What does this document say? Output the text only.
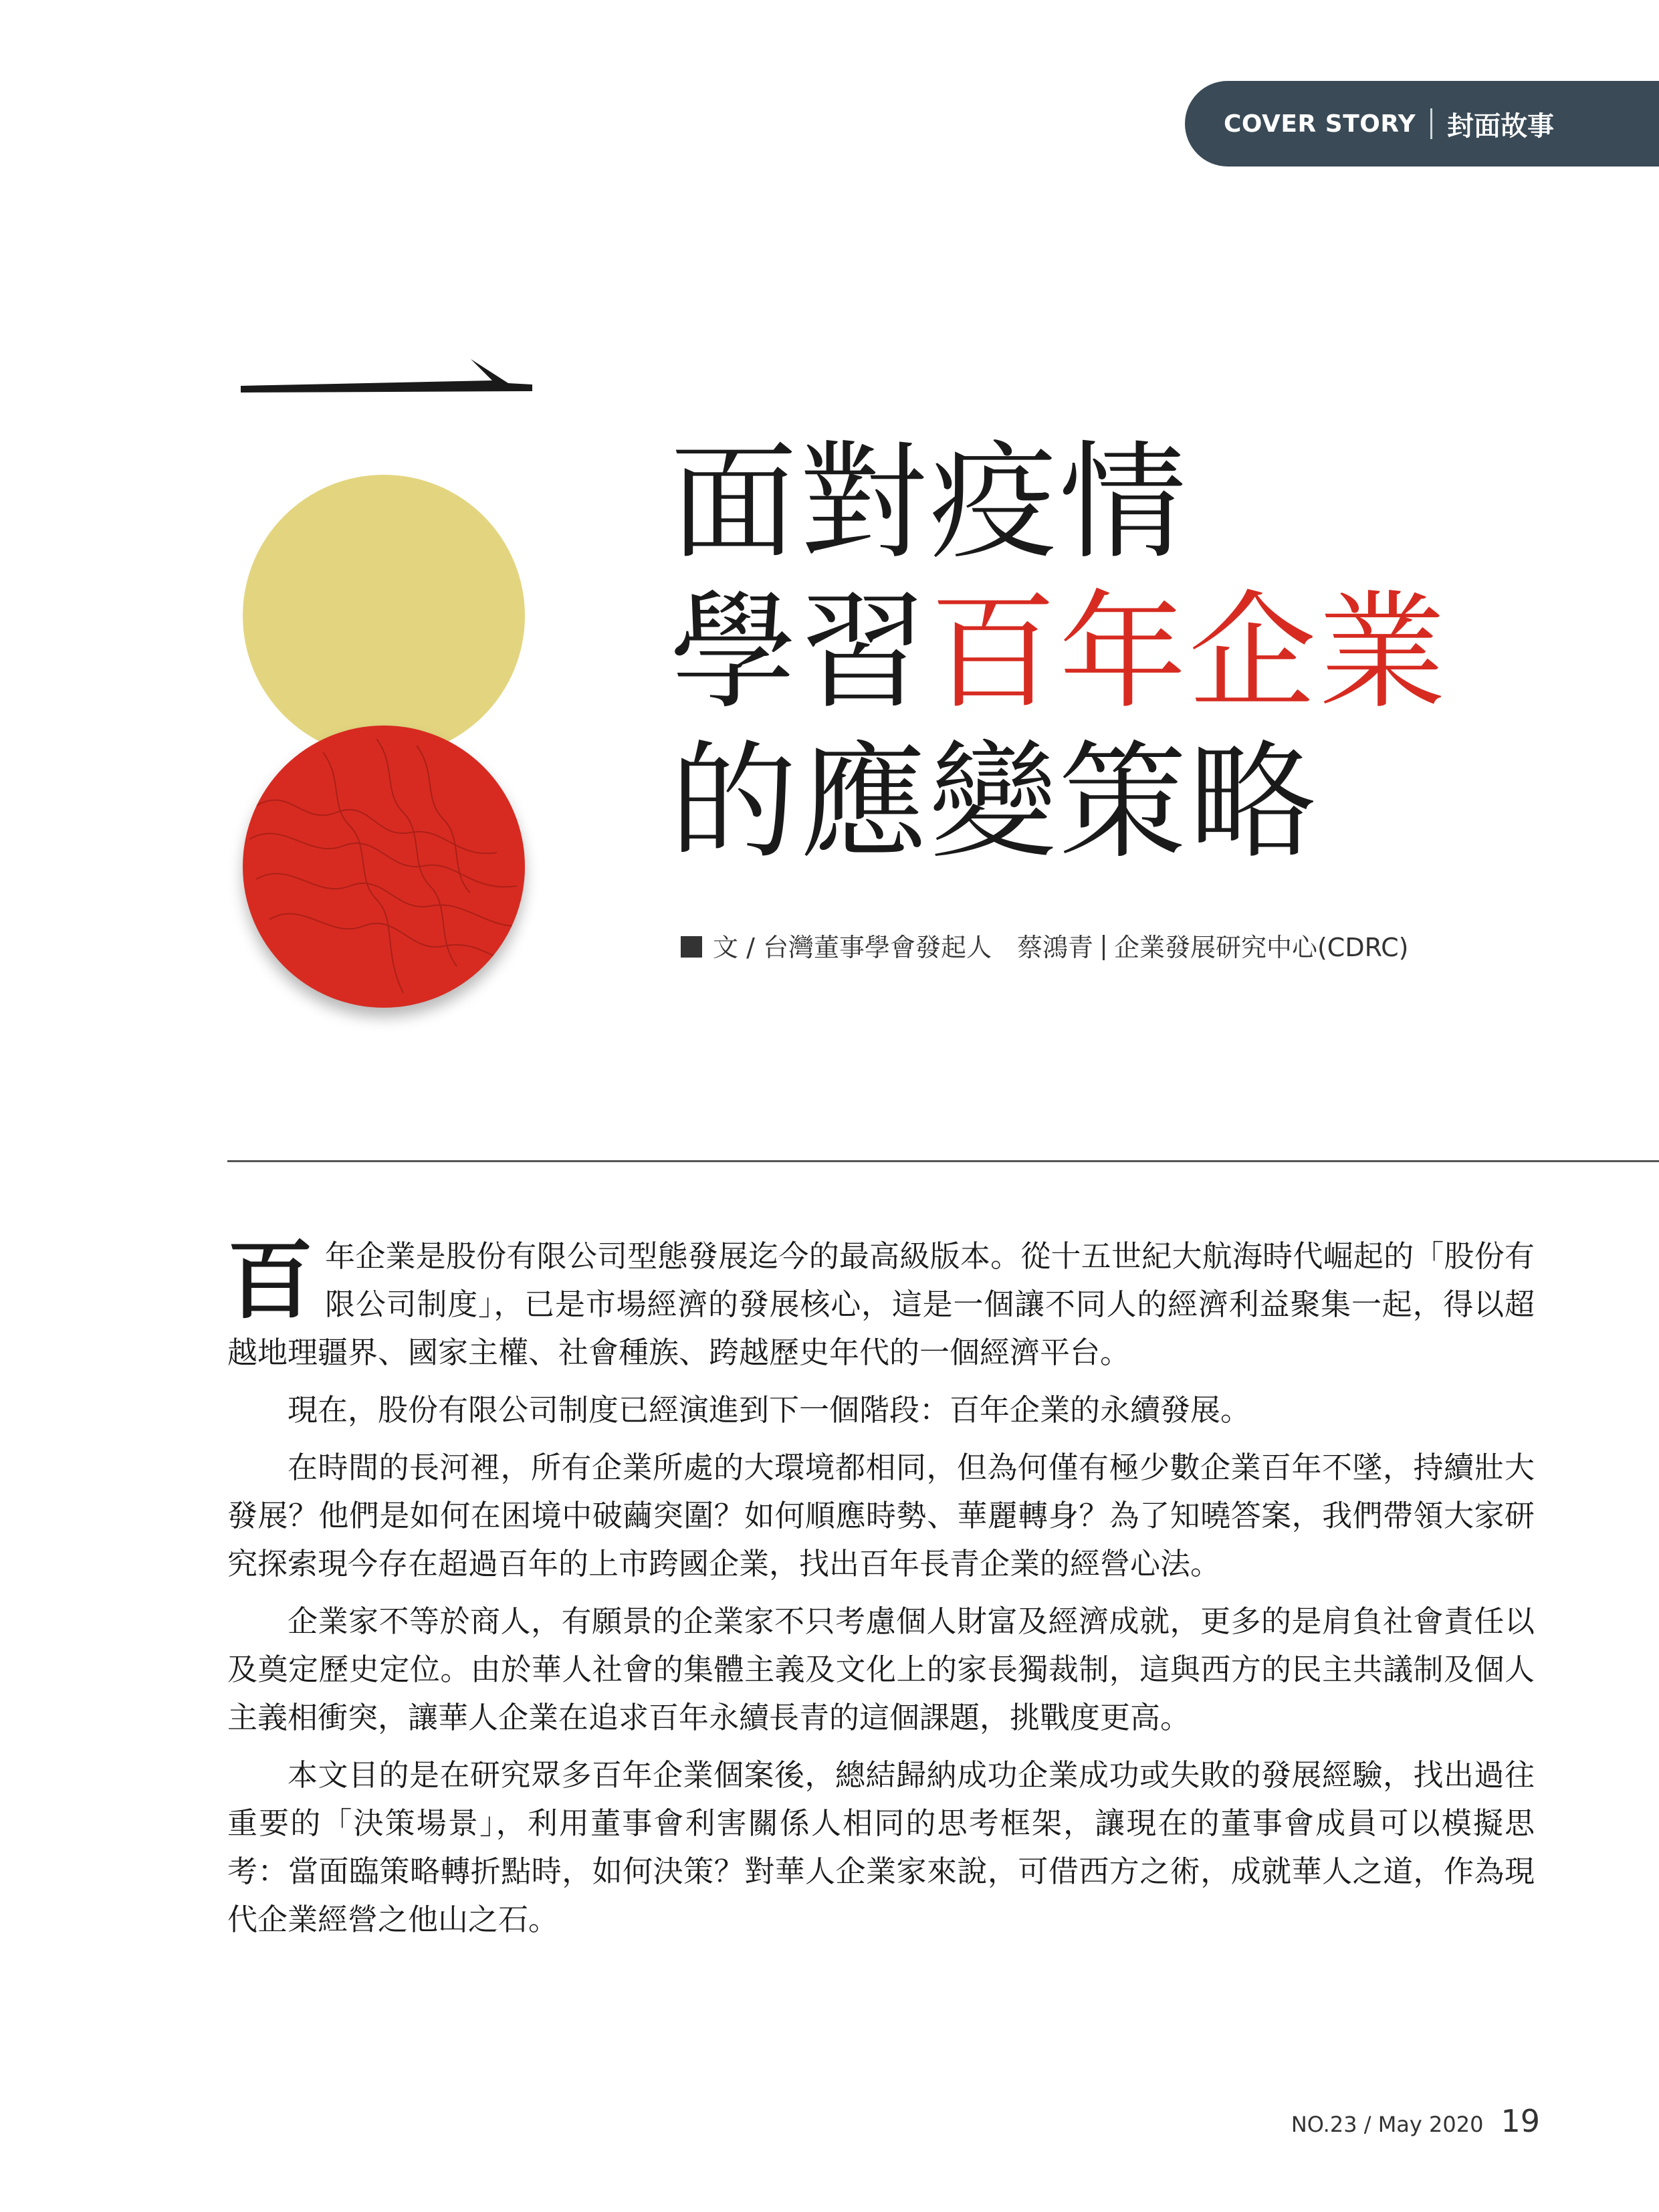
COVER STORY 封面故事
面對疫情
學習百年企業
的應變策略
文 / 台灣董事學會發起人　蔡鴻青 企業發展研究中心(CDRC)

百年企業是股份有限公司型態發展迄今的最高級版本。從十五世紀大航海時代崛起的「股份有限公司制度」，已是市場經濟的發展核心，這是一個讓不同人的經濟利益聚集一起，得以超越地理疆界、國家主權、社會種族、跨越歷史年代的一個經濟平台。

現在，股份有限公司制度已經演進到下一個階段：百年企業的永續發展。

在時間的長河裡，所有企業所處的大環境都相同，但為何僅有極少數企業百年不墜，持續壯大發展？他們是如何在困境中破繭突圍？如何順應時勢、華麗轉身？為了知曉答案，我們帶領大家研究探索現今存在超過百年的上市跨國企業，找出百年長青企業的經營心法。

企業家不等於商人，有願景的企業家不只考慮個人財富及經濟成就，更多的是肩負社會責任以及奠定歷史定位。由於華人社會的集體主義及文化上的家長獨裁制，這與西方的民主共議制及個人主義相衝突，讓華人企業在追求百年永續長青的這個課題，挑戰度更高。

本文目的是在研究眾多百年企業個案後，總結歸納成功企業成功或失敗的發展經驗，找出過往重要的「決策場景」，利用董事會利害關係人相同的思考框架，讓現在的董事會成員可以模擬思考：當面臨策略轉折點時，如何決策？對華人企業家來說，可借西方之術，成就華人之道，作為現代企業經營之他山之石。

NO.23 / May 2020 19
